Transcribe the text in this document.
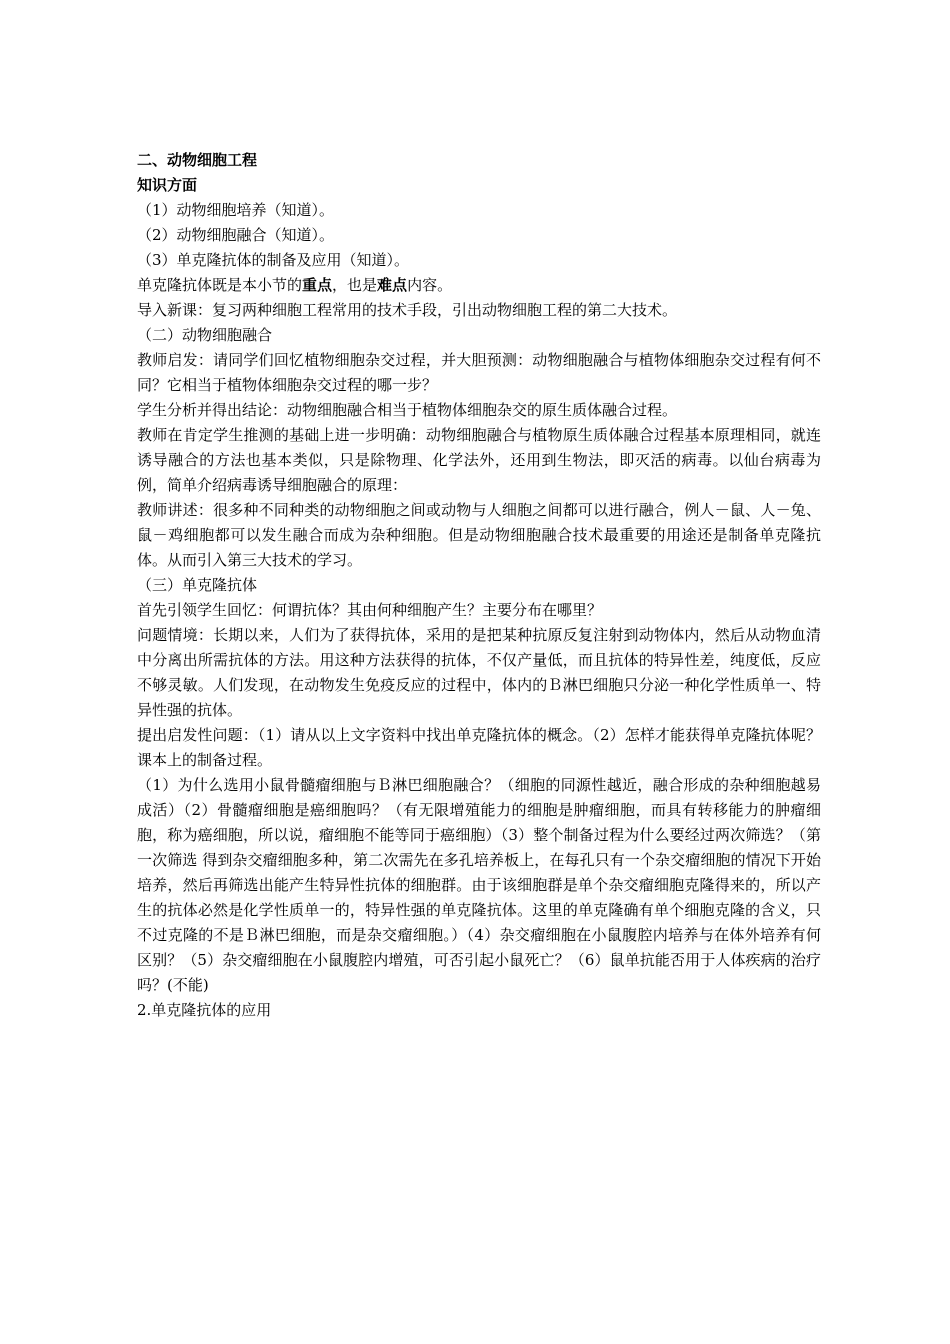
二、动物细胞工程
知识方面
（1）动物细胞培养（知道）。
（2）动物细胞融合（知道）。
（3）单克隆抗体的制备及应用（知道）。
单克隆抗体既是本小节的重点，也是难点内容。
导入新课：复习两种细胞工程常用的技术手段，引出动物细胞工程的第二大技术。
（二）动物细胞融合
教师启发：请同学们回忆植物细胞杂交过程，并大胆预测：动物细胞融合与植物体细胞杂交过程有何不同？它相当于植物体细胞杂交过程的哪一步？
学生分析并得出结论：动物细胞融合相当于植物体细胞杂交的原生质体融合过程。
教师在肯定学生推测的基础上进一步明确：动物细胞融合与植物原生质体融合过程基本原理相同，就连诱导融合的方法也基本类似，只是除物理、化学法外，还用到生物法，即灭活的病毒。以仙台病毒为例，简单介绍病毒诱导细胞融合的原理：
教师讲述：很多种不同种类的动物细胞之间或动物与人细胞之间都可以进行融合，例人－鼠、人－兔、鼠－鸡细胞都可以发生融合而成为杂种细胞。但是动物细胞融合技术最重要的用途还是制备单克隆抗体。从而引入第三大技术的学习。
（三）单克隆抗体
首先引领学生回忆：何谓抗体？其由何种细胞产生？主要分布在哪里？
问题情境：长期以来，人们为了获得抗体，采用的是把某种抗原反复注射到动物体内，然后从动物血清中分离出所需抗体的方法。用这种方法获得的抗体，不仅产量低，而且抗体的特异性差，纯度低，反应不够灵敏。人们发现，在动物发生免疫反应的过程中，体内的Ｂ淋巴细胞只分泌一种化学性质单一、特异性强的抗体。
提出启发性问题：（1）请从以上文字资料中找出单克隆抗体的概念。（2）怎样才能获得单克隆抗体呢？课本上的制备过程。
（1）为什么选用小鼠骨髓瘤细胞与Ｂ淋巴细胞融合？（细胞的同源性越近，融合形成的杂种细胞越易成活）（2）骨髓瘤细胞是癌细胞吗？（有无限增殖能力的细胞是肿瘤细胞，而具有转移能力的肿瘤细胞，称为癌细胞，所以说，瘤细胞不能等同于癌细胞）（3）整个制备过程为什么要经过两次筛选？（第一次筛选 得到杂交瘤细胞多种，第二次需先在多孔培养板上，在每孔只有一个杂交瘤细胞的情况下开始培养，然后再筛选出能产生特异性抗体的细胞群。由于该细胞群是单个杂交瘤细胞克隆得来的，所以产生的抗体必然是化学性质单一的，特异性强的单克隆抗体。这里的单克隆确有单个细胞克隆的含义，只不过克隆的不是Ｂ淋巴细胞，而是杂交瘤细胞。）（4）杂交瘤细胞在小鼠腹腔内培养与在体外培养有何区别？（5）杂交瘤细胞在小鼠腹腔内增殖，可否引起小鼠死亡？（6）鼠单抗能否用于人体疾病的治疗吗？(不能)
2.单克隆抗体的应用
